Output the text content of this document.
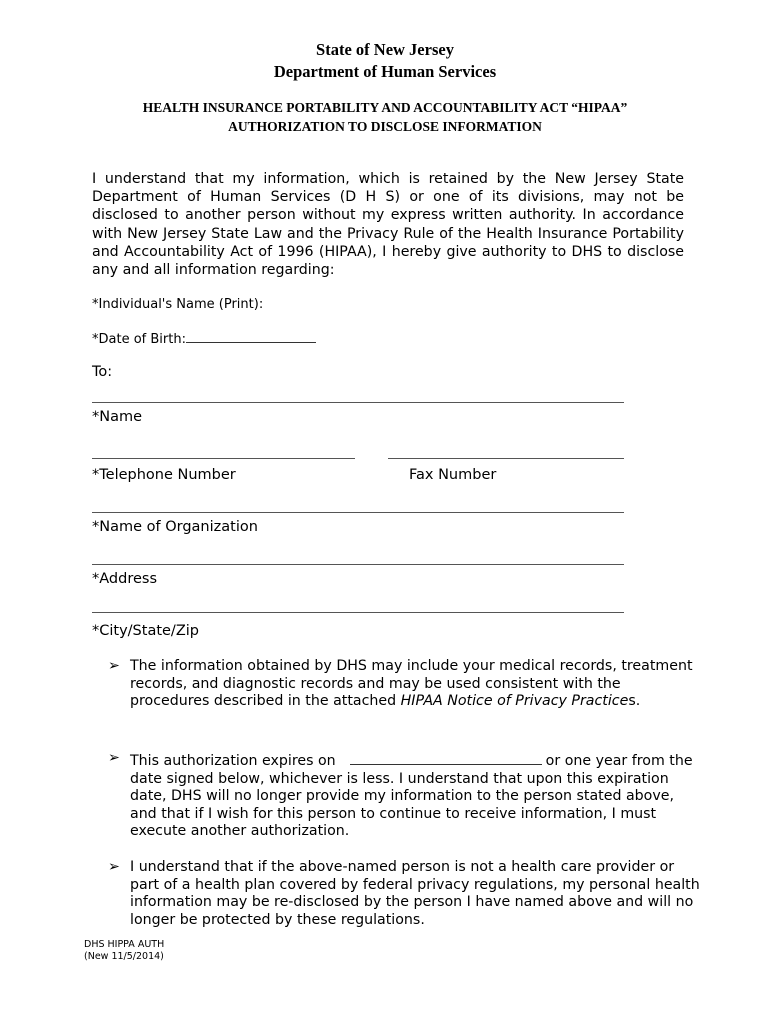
State of New Jersey
Department of Human Services
HEALTH INSURANCE PORTABILITY AND ACCOUNTABILITY ACT “HIPAA”
AUTHORIZATION TO DISCLOSE INFORMATION

I understand that my information, which is retained by the New Jersey State Department of Human Services (D H S) or one of its divisions, may not be disclosed to another person without my express written authority. In accordance with New Jersey State Law and the Privacy Rule of the Health Insurance Portability and Accountability Act of 1996 (HIPAA), I hereby give authority to DHS to disclose any and all information regarding:

*Individual's Name (Print):
*Date of Birth:
To:
*Name
*Telephone Number	Fax Number
*Name of Organization
*Address
*City/State/Zip
➢ The information obtained by DHS may include your medical records, treatment records, and diagnostic records and may be used consistent with the procedures described in the attached HIPAA Notice of Privacy Practices.
➢ This authorization expires on	or one year from the date signed below, whichever is less. I understand that upon this expiration date, DHS will no longer provide my information to the person stated above, and that if I wish for this person to continue to receive information, I must execute another authorization.
➢ I understand that if the above-named person is not a health care provider or part of a health plan covered by federal privacy regulations, my personal health information may be re-disclosed by the person I have named above and will no longer be protected by these regulations.
DHS HIPPA AUTH
(New 11/5/2014)
